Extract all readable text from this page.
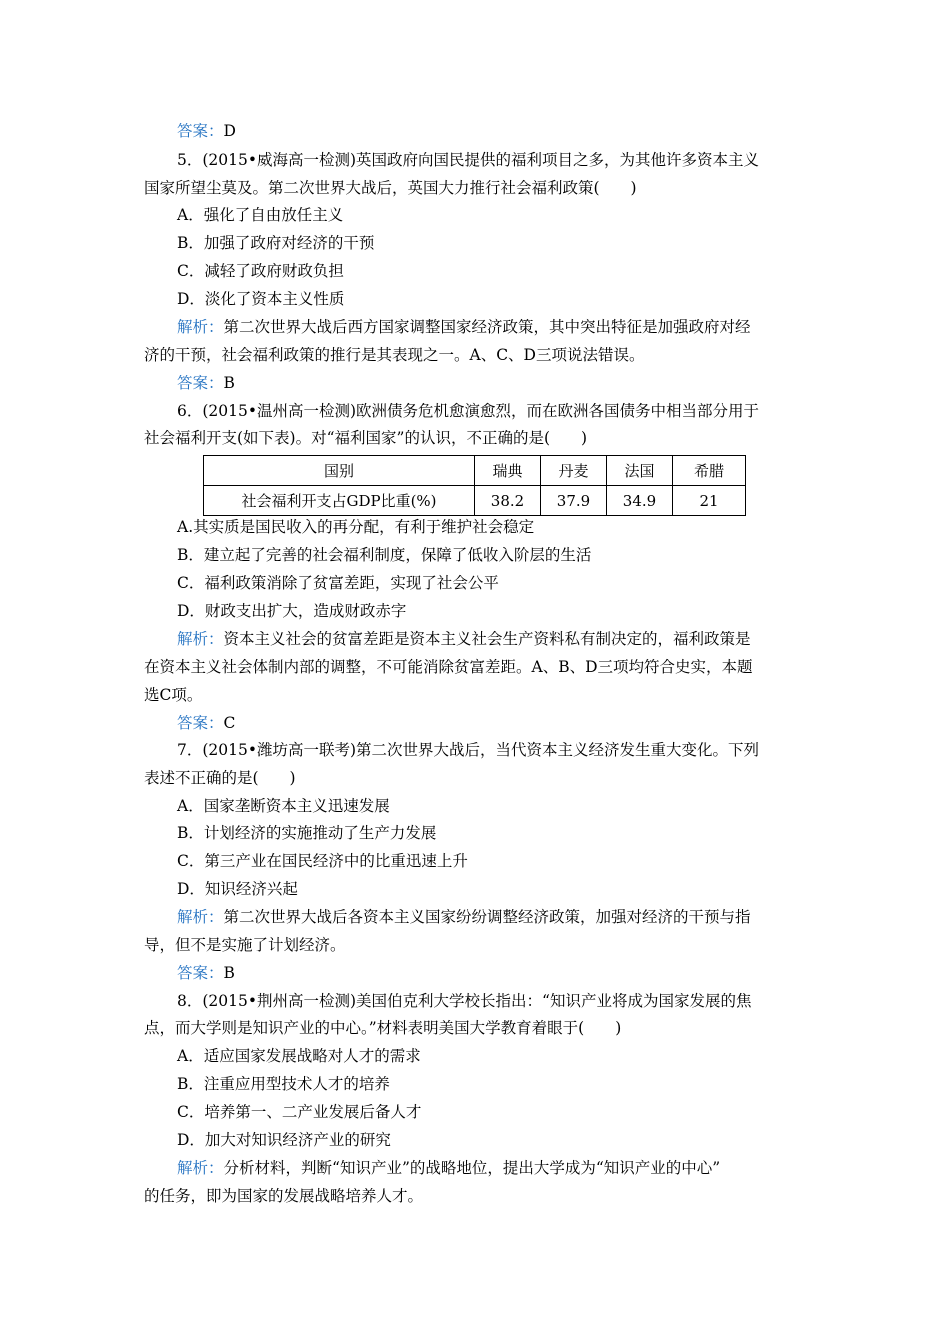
答案：D
5．(2015•威海高一检测)英国政府向国民提供的福利项目之多，为其他许多资本主义
国家所望尘莫及。第二次世界大战后，英国大力推行社会福利政策(　　)
A．强化了自由放任主义
B．加强了政府对经济的干预
C．减轻了政府财政负担
D．淡化了资本主义性质
解析：第二次世界大战后西方国家调整国家经济政策，其中突出特征是加强政府对经
济的干预，社会福利政策的推行是其表现之一。A、C、D三项说法错误。
答案：B
6．(2015•温州高一检测)欧洲债务危机愈演愈烈，而在欧洲各国债务中相当部分用于
社会福利开支(如下表)。对“福利国家”的认识，不正确的是(　　)
国别	瑞典	丹麦	法国	希腊
社会福利开支占GDP比重(%)	38.2	37.9	34.9	21
A.其实质是国民收入的再分配，有利于维护社会稳定
B．建立起了完善的社会福利制度，保障了低收入阶层的生活
C．福利政策消除了贫富差距，实现了社会公平
D．财政支出扩大，造成财政赤字
解析：资本主义社会的贫富差距是资本主义社会生产资料私有制决定的，福利政策是
在资本主义社会体制内部的调整，不可能消除贫富差距。A、B、D三项均符合史实，本题
选C项。
答案：C
7．(2015•潍坊高一联考)第二次世界大战后，当代资本主义经济发生重大变化。下列
表述不正确的是(　　)
A．国家垄断资本主义迅速发展
B．计划经济的实施推动了生产力发展
C．第三产业在国民经济中的比重迅速上升
D．知识经济兴起
解析：第二次世界大战后各资本主义国家纷纷调整经济政策，加强对经济的干预与指
导，但不是实施了计划经济。
答案：B
8．(2015•荆州高一检测)美国伯克利大学校长指出：“知识产业将成为国家发展的焦
点，而大学则是知识产业的中心。”材料表明美国大学教育着眼于(　　)
A．适应国家发展战略对人才的需求
B．注重应用型技术人才的培养
C．培养第一、二产业发展后备人才
D．加大对知识经济产业的研究
解析：分析材料，判断“知识产业”的战略地位，提出大学成为“知识产业的中心”
的任务，即为国家的发展战略培养人才。
